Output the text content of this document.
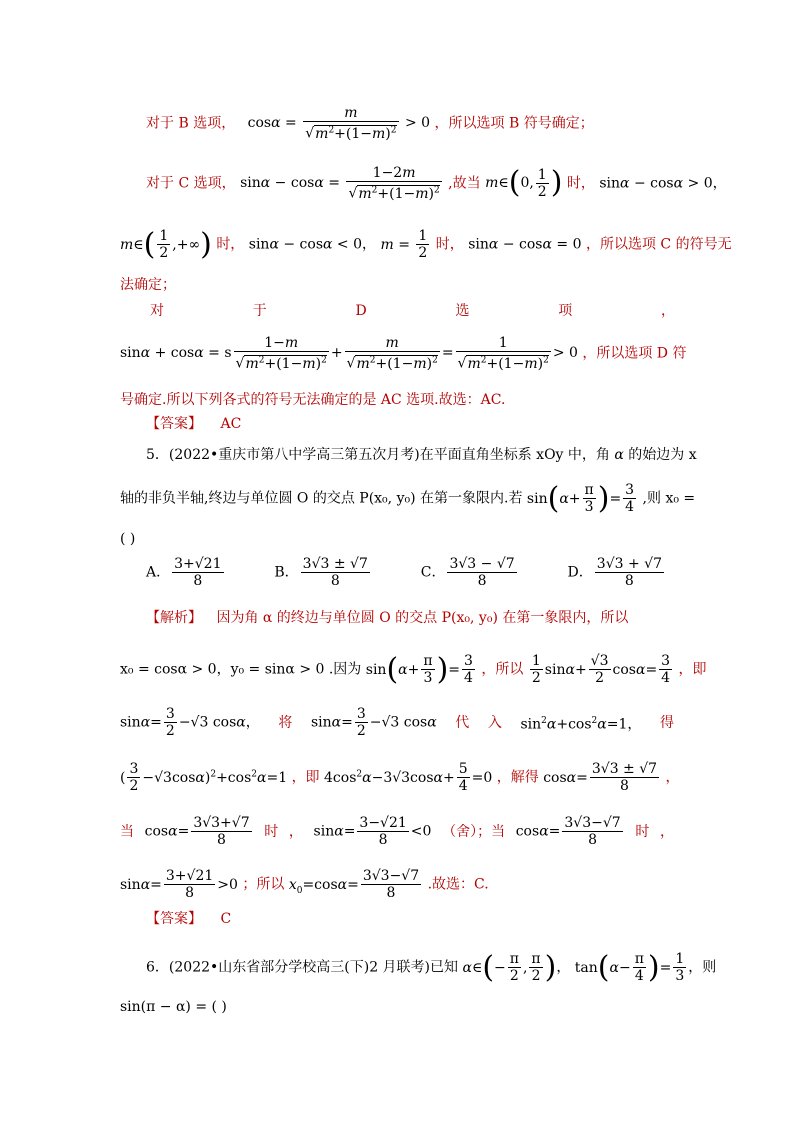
对于 B 选项， $\cos\alpha = \frac{m}{√m^2+(1-m)^2} > 0$ ，所以选项 B 符号确定；
对于 C 选项， $\sin\alpha - \cos\alpha = \frac{1-2m}{√m^2+(1-m)^2}$ ,故当 m∈(0, $\frac{1}{2}$ ) 时， sinα − cosα > 0，
m∈( $\frac{1}{2}$ ,+∞) 时， sinα − cosα < 0， $m = \frac{1}{2}$ 时， sinα − cosα = 0 ，所以选项 C 的符号无
法确定；
对	于	D	选	项	，
sinα + cosα = s $\frac{1-m}{√m^2+(1-m)^2} + \frac{m}{√m^2+(1-m)^2} = \frac{1}{√m^2+(1-m)^2} > 0$ ，所以选项 D 符
号确定.所以下列各式的符号无法确定的是 AC 选项.故选：AC.
【答案】 AC
5．(2022•重庆市第八中学高三第五次月考)在平面直角坐标系 xOy 中，角 α 的始边为 x
轴的非负半轴,终边与单位圆 O 的交点 P(x₀, y₀) 在第一象限内.若 $\sin(\alpha+ \frac{\pi}{3}$ )= $\frac{3}{4}$ ,则 x₀ =
( )
A． $\frac{3+√21}{8}$	B． $\frac{3√3 \pm √7}{8}$	C． $\frac{3√3 - √7}{8}$	D． $\frac{3√3 + √7}{8}$
【解析】 因为角 α 的终边与单位圆 O 的交点 P(x₀, y₀) 在第一象限内，所以
x₀ = cosα > 0，y₀ = sinα > 0 .因为 $\sin(\alpha+ \frac{\pi}{3}$ )= $\frac{3}{4}$ ，所以 $\frac{1}{2} \sin\alpha+ \frac{√3}{2} \cos\alpha= \frac{3}{4}$ ，即
$\sin\alpha= \frac{3}{2} -√3$ cosα， 将 $\sin\alpha= \frac{3}{2} -√3$ cosα 代 入 $\sin^2\alpha+\cos^2\alpha=1$， 得
( $\frac{3}{2} -√3\cos\alpha)^2+\cos^2\alpha=1$ ，即 $4\cos^2\alpha-3√3\cos\alpha+ \frac{5}{4} =0$ ，解得 $\cos\alpha= \frac{3√3 \pm √7}{8}$ ，
当 $\cos\alpha= \frac{3√3+√7}{8}$ 时 ， $\sin\alpha= \frac{3-√21}{8} <0$ （舍）；当 $\cos\alpha= \frac{3√3-√7}{8}$ 时 ，
$\sin\alpha= \frac{3+√21}{8} >0$ ；所以 $x_0=\cos\alpha= \frac{3√3-√7}{8}$ .故选：C.
【答案】 C
6．(2022•山东省部分学校高三(下)2 月联考)已知 α∈(− $\frac{\pi}{2}$ , $\frac{\pi}{2}$ )， $\tan(\alpha- \frac{\pi}{4}$ )= $\frac{1}{3}$ ，则
sin(π − α) = ( )
